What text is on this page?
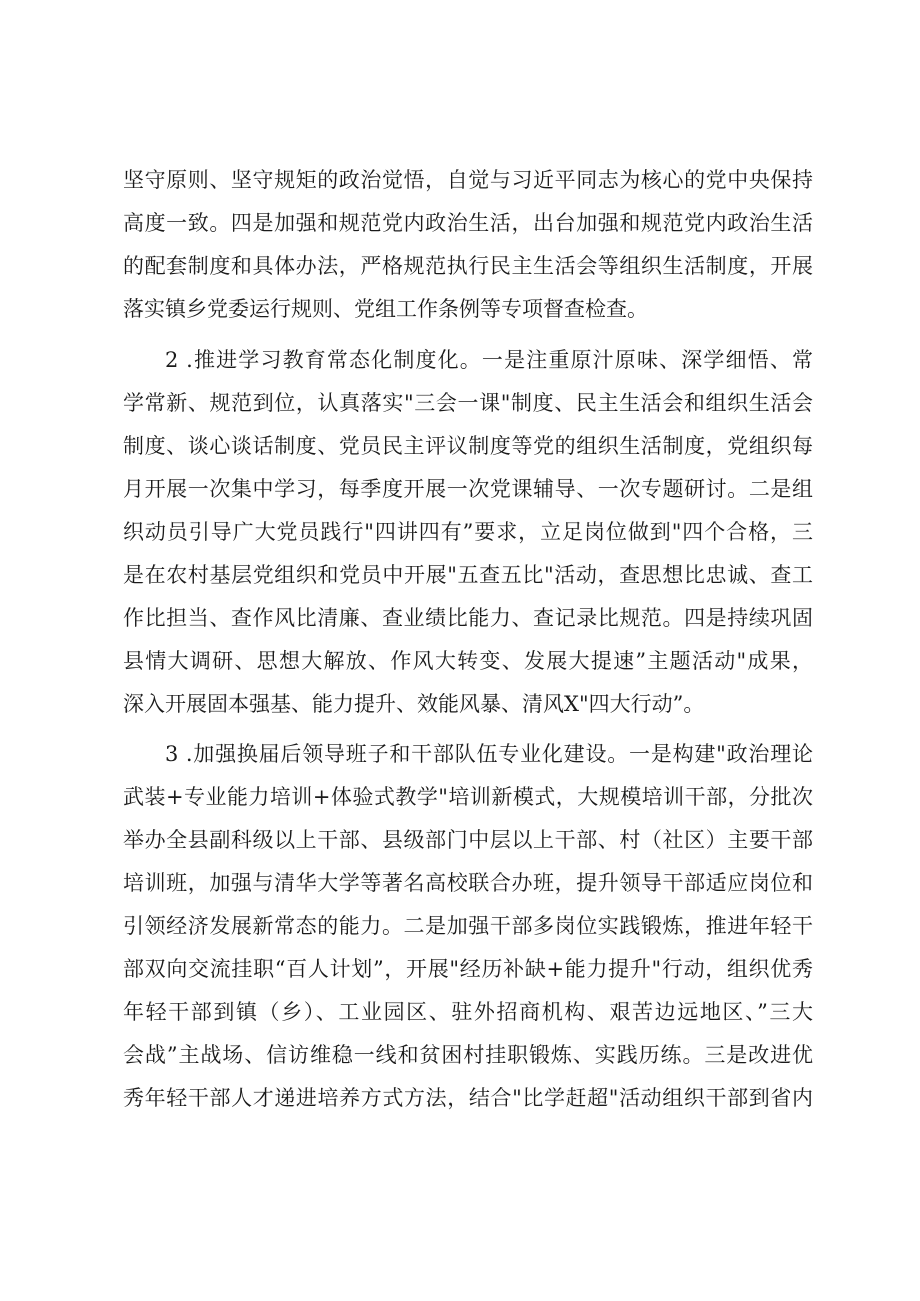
坚守原则、坚守规矩的政治觉悟，自觉与习近平同志为核心的党中央保持
高度一致。四是加强和规范党内政治生活，出台加强和规范党内政治生活
的配套制度和具体办法，严格规范执行民主生活会等组织生活制度，开展
落实镇乡党委运行规则、党组工作条例等专项督查检查。
2 .推进学习教育常态化制度化。一是注重原汁原味、深学细悟、常
学常新、规范到位，认真落实"三会一课"制度、民主生活会和组织生活会
制度、谈心谈话制度、党员民主评议制度等党的组织生活制度，党组织每
月开展一次集中学习，每季度开展一次党课辅导、一次专题研讨。二是组
织动员引导广大党员践行"四讲四有”要求，立足岗位做到"四个合格，三
是在农村基层党组织和党员中开展"五查五比"活动，查思想比忠诚、查工
作比担当、查作风比清廉、查业绩比能力、查记录比规范。四是持续巩固
县情大调研、思想大解放、作风大转变、发展大提速”主题活动"成果，
深入开展固本强基、能力提升、效能风暴、清风X"四大行动”。
3 .加强换届后领导班子和干部队伍专业化建设。一是构建"政治理论
武装+专业能力培训+体验式教学"培训新模式，大规模培训干部，分批次
举办全县副科级以上干部、县级部门中层以上干部、村（社区）主要干部
培训班，加强与清华大学等著名高校联合办班，提升领导干部适应岗位和
引领经济发展新常态的能力。二是加强干部多岗位实践锻炼，推进年轻干
部双向交流挂职“百人计划”，开展"经历补缺+能力提升"行动，组织优秀
年轻干部到镇（乡）、工业园区、驻外招商机构、艰苦边远地区、”三大
会战”主战场、信访维稳一线和贫困村挂职锻炼、实践历练。三是改进优
秀年轻干部人才递进培养方式方法，结合"比学赶超"活动组织干部到省内
